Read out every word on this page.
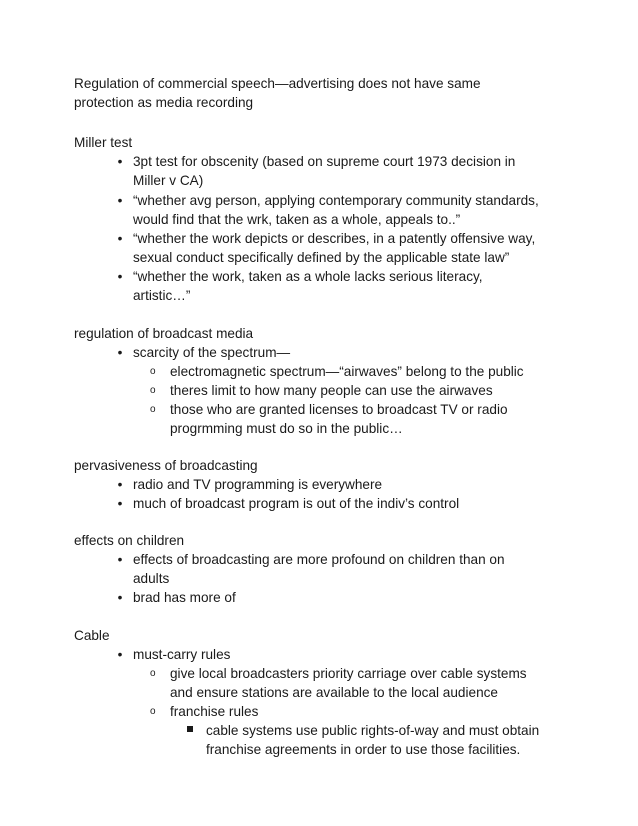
Regulation of commercial speech—advertising does not have same
protection as media recording
Miller test
• 3pt test for obscenity (based on supreme court 1973 decision in
Miller v CA)
• “whether avg person, applying contemporary community standards,
would find that the wrk, taken as a whole, appeals to..”
• “whether the work depicts or describes, in a patently offensive way,
sexual conduct specifically defined by the applicable state law”
• “whether the work, taken as a whole lacks serious literacy,
artistic…”
regulation of broadcast media
• scarcity of the spectrum—
o electromagnetic spectrum—“airwaves” belong to the public
o theres limit to how many people can use the airwaves
o those who are granted licenses to broadcast TV or radio
progrmming must do so in the public…
pervasiveness of broadcasting
• radio and TV programming is everywhere
• much of broadcast program is out of the indiv’s control
effects on children
• effects of broadcasting are more profound on children than on
adults
• brad has more of
Cable
• must-carry rules
o give local broadcasters priority carriage over cable systems
and ensure stations are available to the local audience
o franchise rules
cable systems use public rights-of-way and must obtain
franchise agreements in order to use those facilities.
